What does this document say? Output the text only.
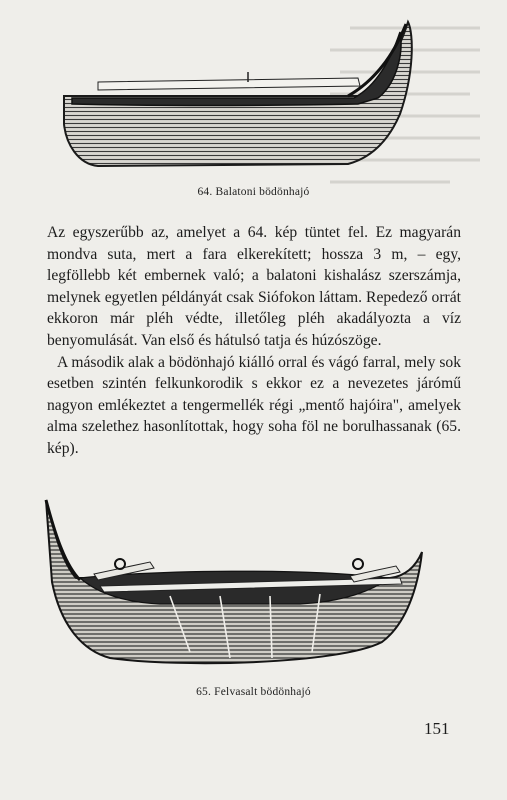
64. Balatoni bödönhajó

Az egyszerűbb az, amelyet a 64. kép tüntet fel. Ez magyarán mondva suta, mert a fara elkerekített; hossza 3 m, – egy, legföllebb két embernek való; a balatoni kishalász szerszámja, melynek egyetlen példányát csak Siófokon láttam. Repedező orrát ekkoron már pléh védte, illetőleg pléh akadályozta a víz benyomulását. Van első és hátulsó tatja és húzószöge.

A második alak a bödönhajó kiálló orral és vágó farral, mely sok esetben szintén felkunkorodik s ekkor ez a nevezetes járómű nagyon emlékeztet a tengermellék régi „mentő hajóira", amelyek alma szelethez hasonlítottak, hogy soha föl ne borulhassanak (65. kép).

65. Felvasalt bödönhajó
151
